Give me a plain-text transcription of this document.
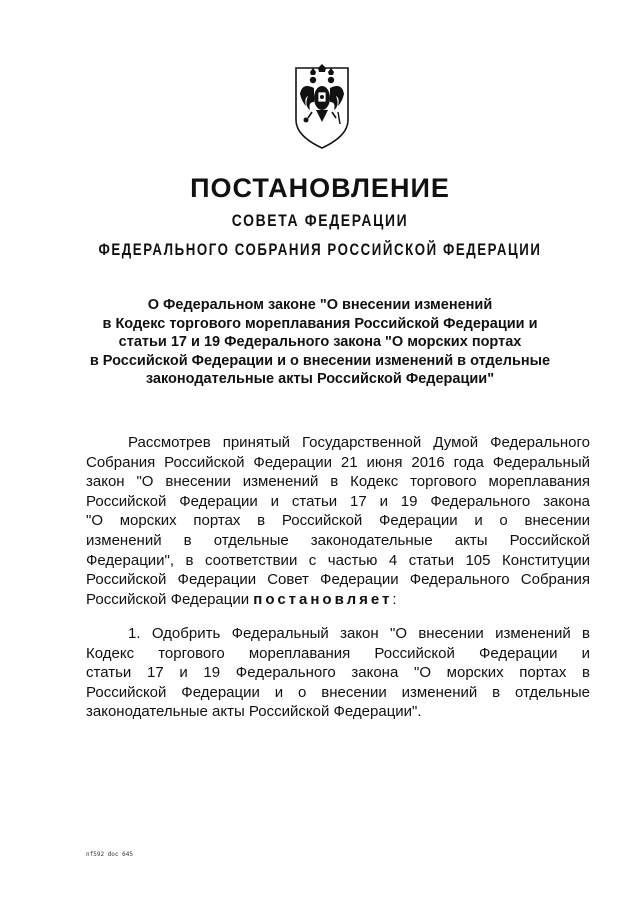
ПОСТАНОВЛЕНИЕ
СОВЕТА ФЕДЕРАЦИИ
ФЕДЕРАЛЬНОГО СОБРАНИЯ РОССИЙСКОЙ ФЕДЕРАЦИИ
О Федеральном законе "О внесении изменений
в Кодекс торгового мореплавания Российской Федерации и
статьи 17 и 19 Федерального закона "О морских портах
в Российской Федерации и о внесении изменений в отдельные
законодательные акты Российской Федерации"
Рассмотрев принятый Государственной Думой Федерального
Собрания Российской Федерации 21 июня 2016 года Федеральный
закон "О внесении изменений в Кодекс торгового мореплавания
Российской Федерации и статьи 17 и 19 Федерального закона
"О морских портах в Российской Федерации и о внесении
изменений в отдельные законодательные акты Российской
Федерации", в соответствии с частью 4 статьи 105 Конституции
Российской Федерации Совет Федерации Федерального Собрания
Российской Федерации постановляет:
1. Одобрить Федеральный закон "О внесении изменений в
Кодекс торгового мореплавания Российской Федерации и
статьи 17 и 19 Федерального закона "О морских портах в
Российской Федерации и о внесении изменений в отдельные
законодательные акты Российской Федерации".
nf592 doc 645
